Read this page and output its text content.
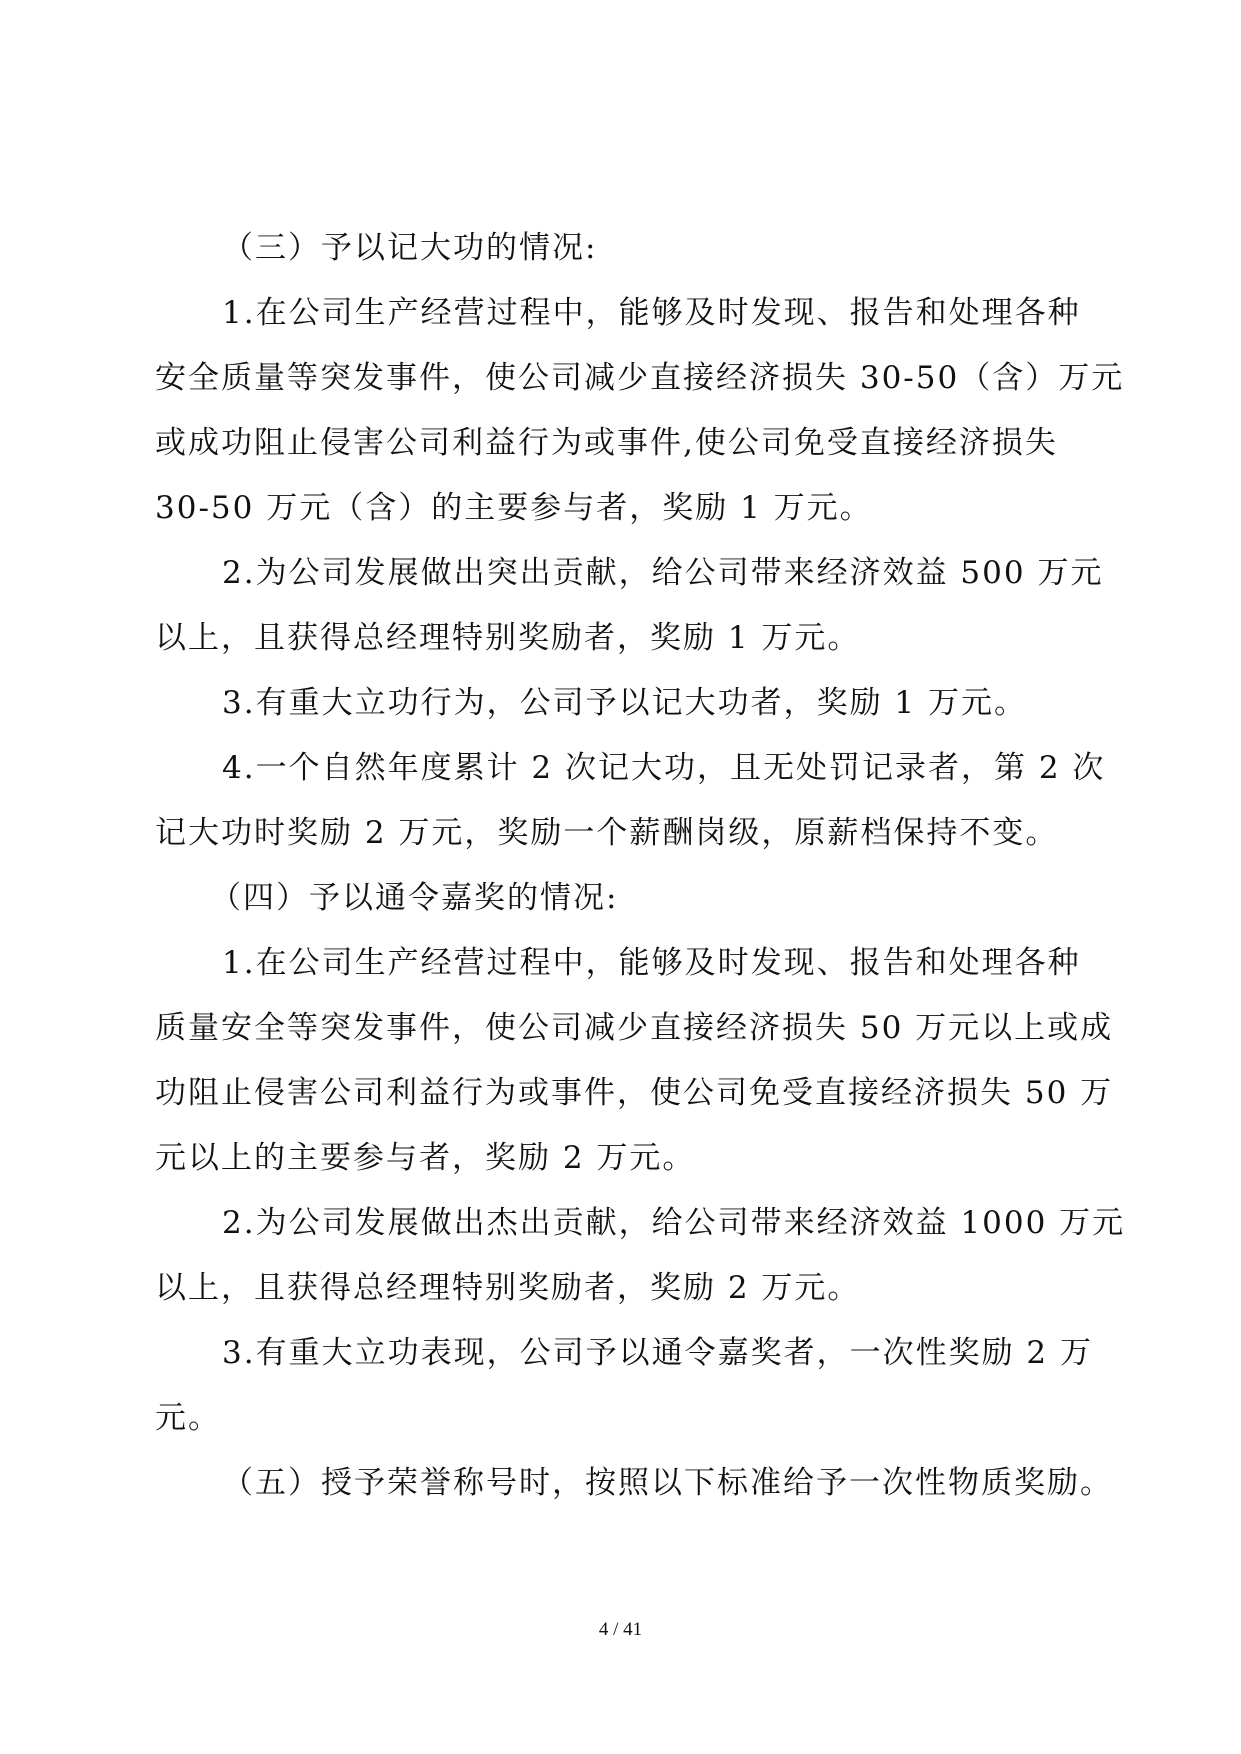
（三）予以记大功的情况:
1.在公司生产经营过程中，能够及时发现、报告和处理各种
安全质量等突发事件，使公司减少直接经济损失 30-50（含）万元
或成功阻止侵害公司利益行为或事件,使公司免受直接经济损失
30-50 万元（含）的主要参与者，奖励 1 万元。
2.为公司发展做出突出贡献，给公司带来经济效益 500 万元
以上，且获得总经理特别奖励者，奖励 1 万元。
3.有重大立功行为，公司予以记大功者，奖励 1 万元。
4.一个自然年度累计 2 次记大功，且无处罚记录者，第 2 次
记大功时奖励 2 万元，奖励一个薪酬岗级，原薪档保持不变。
（四）予以通令嘉奖的情况:
1.在公司生产经营过程中，能够及时发现、报告和处理各种
质量安全等突发事件，使公司减少直接经济损失 50 万元以上或成
功阻止侵害公司利益行为或事件，使公司免受直接经济损失 50 万
元以上的主要参与者，奖励 2 万元。
2.为公司发展做出杰出贡献，给公司带来经济效益 1000 万元
以上，且获得总经理特别奖励者，奖励 2 万元。
3.有重大立功表现，公司予以通令嘉奖者，一次性奖励 2 万
元。
（五）授予荣誉称号时，按照以下标准给予一次性物质奖励。
4 / 41
